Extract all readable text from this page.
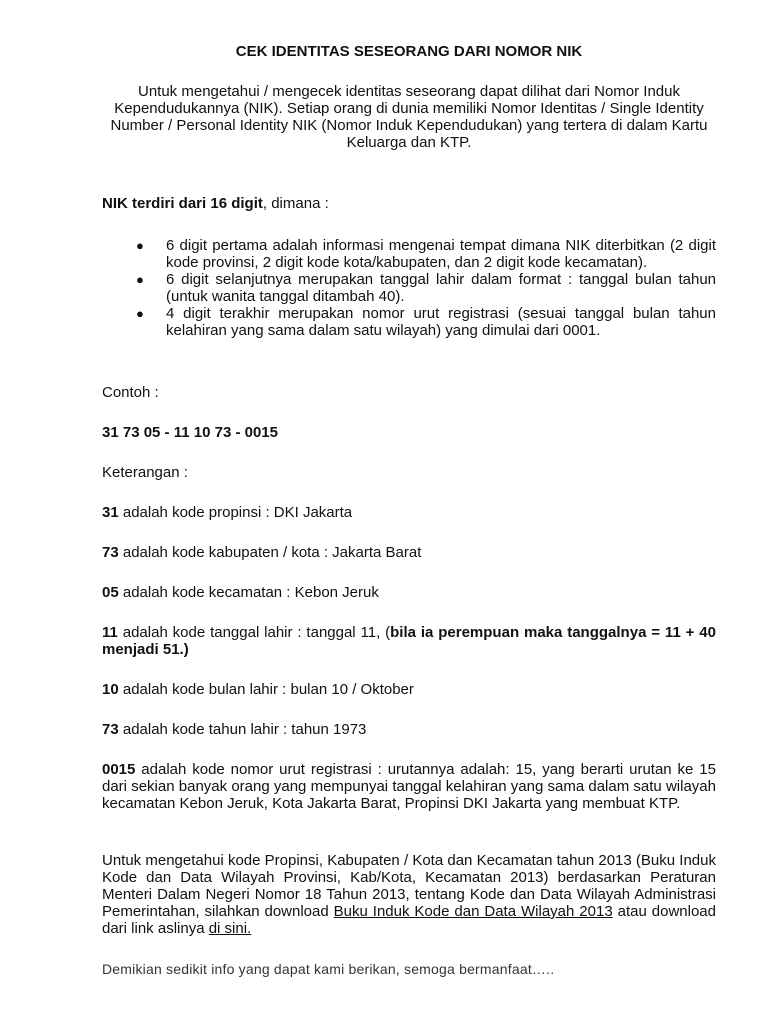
CEK IDENTITAS SESEORANG DARI NOMOR NIK
Untuk mengetahui / mengecek identitas seseorang dapat dilihat dari Nomor Induk Kependudukannya (NIK). Setiap orang di dunia memiliki Nomor Identitas / Single Identity Number / Personal Identity NIK (Nomor Induk Kependudukan) yang tertera di dalam Kartu Keluarga dan KTP.
NIK terdiri dari 16 digit, dimana :
● 6 digit pertama adalah informasi mengenai tempat dimana NIK diterbitkan (2 digit kode provinsi, 2 digit kode kota/kabupaten, dan 2 digit kode kecamatan).
● 6 digit selanjutnya merupakan tanggal lahir dalam format : tanggal bulan tahun (untuk wanita tanggal ditambah 40).
● 4 digit terakhir merupakan nomor urut registrasi (sesuai tanggal bulan tahun kelahiran yang sama dalam satu wilayah) yang dimulai dari 0001.
Contoh :
31 73 05 - 11 10 73 - 0015
Keterangan :
31 adalah kode propinsi : DKI Jakarta
73 adalah kode kabupaten / kota : Jakarta Barat
05 adalah kode kecamatan : Kebon Jeruk
11 adalah kode tanggal lahir : tanggal 11, (bila ia perempuan maka tanggalnya = 11 + 40 menjadi 51.)
10 adalah kode bulan lahir : bulan 10 / Oktober
73 adalah kode tahun lahir : tahun 1973
0015 adalah kode nomor urut registrasi : urutannya adalah: 15, yang berarti urutan ke 15 dari sekian banyak orang yang mempunyai tanggal kelahiran yang sama dalam satu wilayah kecamatan Kebon Jeruk, Kota Jakarta Barat, Propinsi DKI Jakarta yang membuat KTP.
Untuk mengetahui kode Propinsi, Kabupaten / Kota dan Kecamatan tahun 2013 (Buku Induk Kode dan Data Wilayah Provinsi, Kab/Kota, Kecamatan 2013) berdasarkan Peraturan Menteri Dalam Negeri Nomor 18 Tahun 2013, tentang Kode dan Data Wilayah Administrasi Pemerintahan, silahkan download Buku Induk Kode dan Data Wilayah 2013 atau download dari link aslinya di sini.
Demikian sedikit info yang dapat kami berikan, semoga bermanfaat…..
